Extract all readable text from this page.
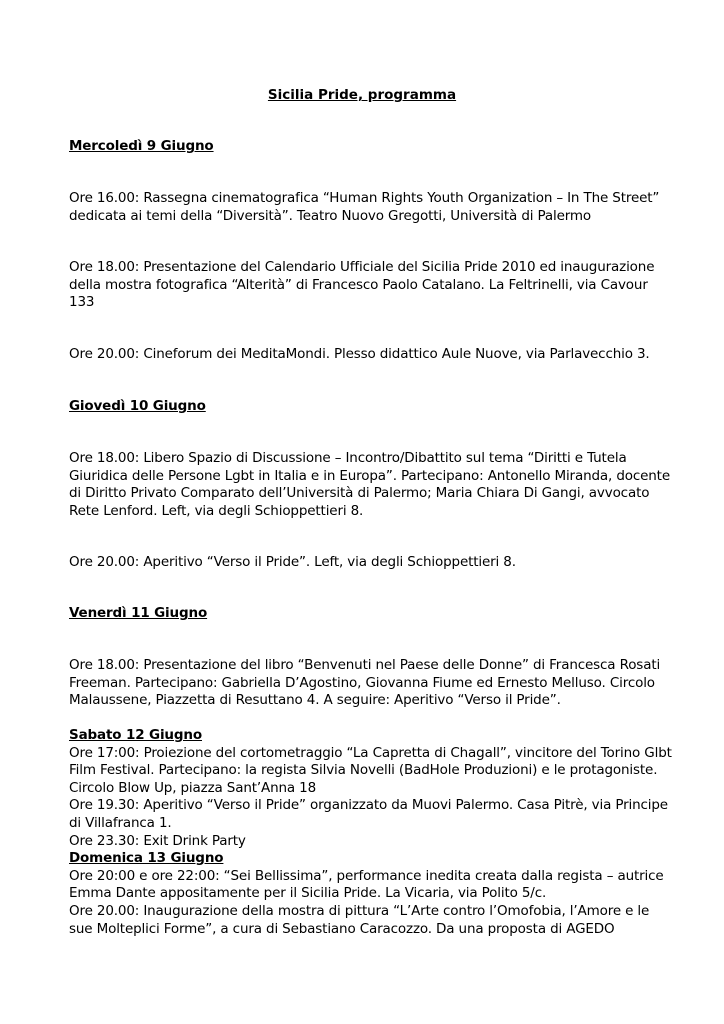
Sicilia Pride, programma

Mercoledì 9 Giugno

Ore 16.00: Rassegna cinematografica “Human Rights Youth Organization – In The Street”
dedicata ai temi della “Diversità”. Teatro Nuovo Gregotti, Università di Palermo

Ore 18.00: Presentazione del Calendario Ufficiale del Sicilia Pride 2010 ed inaugurazione
della mostra fotografica “Alterità” di Francesco Paolo Catalano. La Feltrinelli, via Cavour
133

Ore 20.00: Cineforum dei MeditaMondi. Plesso didattico Aule Nuove, via Parlavecchio 3.

Giovedì 10 Giugno

Ore 18.00: Libero Spazio di Discussione – Incontro/Dibattito sul tema “Diritti e Tutela
Giuridica delle Persone Lgbt in Italia e in Europa”. Partecipano: Antonello Miranda, docente
di Diritto Privato Comparato dell’Università di Palermo; Maria Chiara Di Gangi, avvocato
Rete Lenford. Left, via degli Schioppettieri 8.

Ore 20.00: Aperitivo “Verso il Pride”. Left, via degli Schioppettieri 8.

Venerdì 11 Giugno

Ore 18.00: Presentazione del libro “Benvenuti nel Paese delle Donne” di Francesca Rosati
Freeman. Partecipano: Gabriella D’Agostino, Giovanna Fiume ed Ernesto Melluso. Circolo
Malaussene, Piazzetta di Resuttano 4. A seguire: Aperitivo “Verso il Pride”.

Sabato 12 Giugno
Ore 17:00: Proiezione del cortometraggio “La Capretta di Chagall”, vincitore del Torino Glbt
Film Festival. Partecipano: la regista Silvia Novelli (BadHole Produzioni) e le protagoniste.
Circolo Blow Up, piazza Sant’Anna 18
Ore 19.30: Aperitivo “Verso il Pride” organizzato da Muovi Palermo. Casa Pitrè, via Principe
di Villafranca 1.
Ore 23.30: Exit Drink Party
Domenica 13 Giugno
Ore 20:00 e ore 22:00: “Sei Bellissima”, performance inedita creata dalla regista – autrice
Emma Dante appositamente per il Sicilia Pride. La Vicaria, via Polito 5/c.
Ore 20.00: Inaugurazione della mostra di pittura “L’Arte contro l’Omofobia, l’Amore e le
sue Molteplici Forme”, a cura di Sebastiano Caracozzo. Da una proposta di AGEDO
